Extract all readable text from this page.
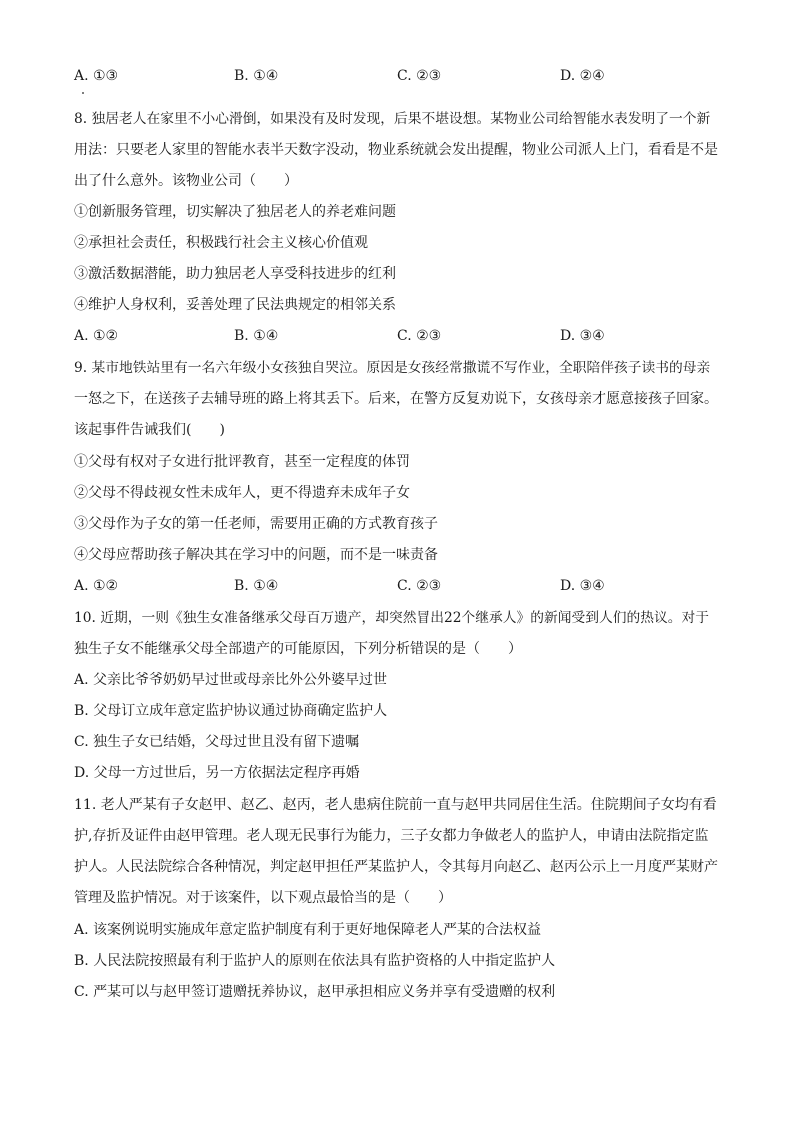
A. ①③	B. ①④	C. ②③	D. ②④
8. 独居老人在家里不小心滑倒，如果没有及时发现，后果不堪设想。某物业公司给智能水表发明了一个新
用法：只要老人家里的智能水表半天数字没动，物业系统就会发出提醒，物业公司派人上门，看看是不是
出了什么意外。该物业公司（　　）
①创新服务管理，切实解决了独居老人的养老难问题
②承担社会责任，积极践行社会主义核心价值观
③激活数据潜能，助力独居老人享受科技进步的红利
④维护人身权利，妥善处理了民法典规定的相邻关系
A. ①②	B. ①④	C. ②③	D. ③④
9. 某市地铁站里有一名六年级小女孩独自哭泣。原因是女孩经常撒谎不写作业，全职陪伴孩子读书的母亲
一怒之下，在送孩子去辅导班的路上将其丢下。后来，在警方反复劝说下，女孩母亲才愿意接孩子回家。
该起事件告诫我们(　　)
①父母有权对子女进行批评教育，甚至一定程度的体罚
②父母不得歧视女性未成年人，更不得遗弃未成年子女
③父母作为子女的第一任老师，需要用正确的方式教育孩子
④父母应帮助孩子解决其在学习中的问题，而不是一味责备
A. ①②	B. ①④	C. ②③	D. ③④
10. 近期，一则《独生女准备继承父母百万遗产，却突然冒出22个继承人》的新闻受到人们的热议。对于
独生子女不能继承父母全部遗产的可能原因，下列分析错误的是（　　）
A. 父亲比爷爷奶奶早过世或母亲比外公外婆早过世
B. 父母订立成年意定监护协议通过协商确定监护人
C. 独生子女已结婚，父母过世且没有留下遗嘱
D. 父母一方过世后，另一方依据法定程序再婚
11. 老人严某有子女赵甲、赵乙、赵丙，老人患病住院前一直与赵甲共同居住生活。住院期间子女均有看
护,存折及证件由赵甲管理。老人现无民事行为能力，三子女都力争做老人的监护人，申请由法院指定监
护人。人民法院综合各种情况，判定赵甲担任严某监护人，令其每月向赵乙、赵丙公示上一月度严某财产
管理及监护情况。对于该案件，以下观点最恰当的是（　　）
A. 该案例说明实施成年意定监护制度有利于更好地保障老人严某的合法权益
B. 人民法院按照最有利于监护人的原则在依法具有监护资格的人中指定监护人
C. 严某可以与赵甲签订遗赠抚养协议，赵甲承担相应义务并享有受遗赠的权利
